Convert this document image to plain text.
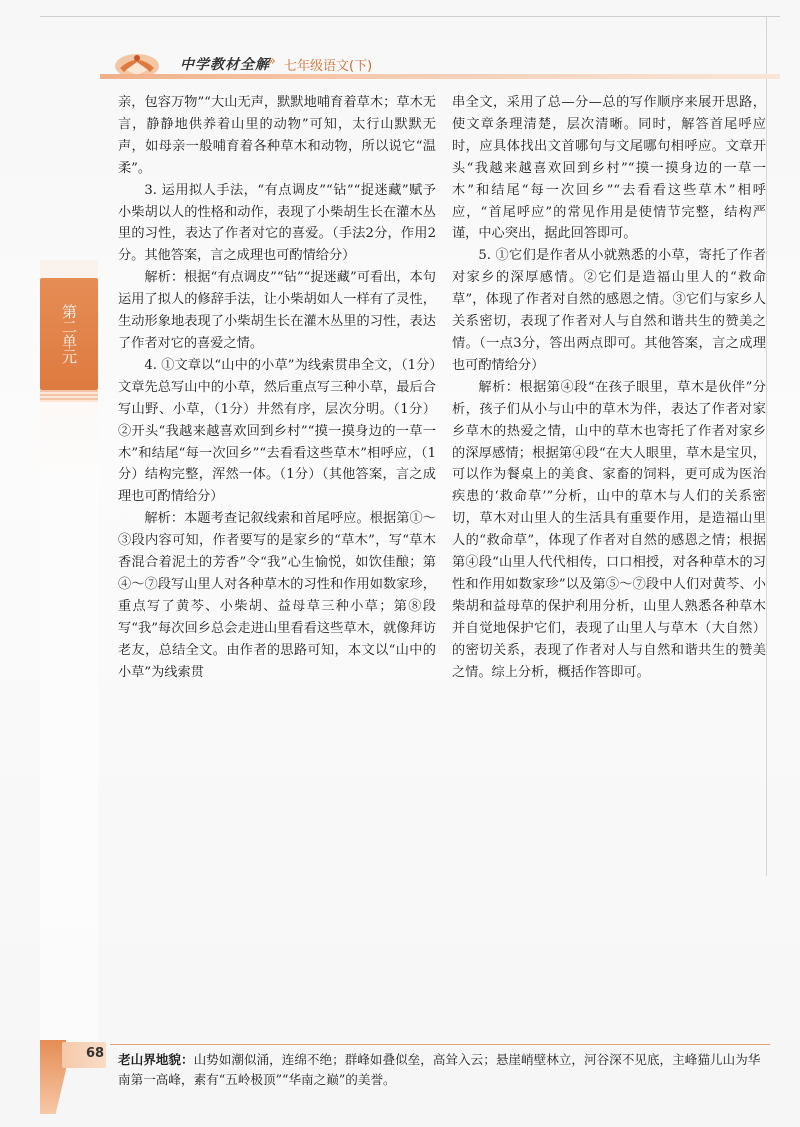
中学教材全解
» 七年级语文(下)
第二单元

亲，包容万物”“大山无声，默默地哺育着草木；草木无言，静静地供养着山里的动物”可知，太行山默默无声，如母亲一般哺育着各种草木和动物，所以说它“温柔”。

3. 运用拟人手法，“有点调皮”“钻”“捉迷藏”赋予小柴胡以人的性格和动作，表现了小柴胡生长在灌木丛里的习性，表达了作者对它的喜爱。（手法2分，作用2分。其他答案，言之成理也可酌情给分）

解析：根据“有点调皮”“钻”“捉迷藏”可看出，本句运用了拟人的修辞手法，让小柴胡如人一样有了灵性，生动形象地表现了小柴胡生长在灌木丛里的习性，表达了作者对它的喜爱之情。

4. ①文章以“山中的小草”为线索贯串全文，（1分）文章先总写山中的小草，然后重点写三种小草，最后合写山野、小草，（1分）井然有序，层次分明。（1分）②开头“我越来越喜欢回到乡村”“摸一摸身边的一草一木”和结尾“每一次回乡”“去看看这些草木”相呼应，（1分）结构完整，浑然一体。（1分）（其他答案，言之成理也可酌情给分）

解析：本题考查记叙线索和首尾呼应。根据第①～③段内容可知，作者要写的是家乡的“草木”，写“草木香混合着泥土的芳香”令“我”心生愉悦，如饮佳酿；第④～⑦段写山里人对各种草木的习性和作用如数家珍，重点写了黄芩、小柴胡、益母草三种小草；第⑧段写“我”每次回乡总会走进山里看看这些草木，就像拜访老友，总结全文。由作者的思路可知，本文以“山中的小草”为线索贯

串全文，采用了总—分—总的写作顺序来展开思路，使文章条理清楚，层次清晰。同时，解答首尾呼应时，应具体找出文首哪句与文尾哪句相呼应。文章开头“我越来越喜欢回到乡村”“摸一摸身边的一草一木”和结尾“每一次回乡”“去看看这些草木”相呼应，“首尾呼应”的常见作用是使情节完整，结构严谨，中心突出，据此回答即可。

5. ①它们是作者从小就熟悉的小草，寄托了作者对家乡的深厚感情。②它们是造福山里人的“救命草”，体现了作者对自然的感恩之情。③它们与家乡人关系密切，表现了作者对人与自然和谐共生的赞美之情。（一点3分，答出两点即可。其他答案，言之成理也可酌情给分）

解析：根据第④段“在孩子眼里，草木是伙伴”分析，孩子们从小与山中的草木为伴，表达了作者对家乡草木的热爱之情，山中的草木也寄托了作者对家乡的深厚感情；根据第④段“在大人眼里，草木是宝贝，可以作为餐桌上的美食、家畜的饲料，更可成为医治疾患的‘救命草’”分析，山中的草木与人们的关系密切，草木对山里人的生活具有重要作用，是造福山里人的“救命草”，体现了作者对自然的感恩之情；根据第④段“山里人代代相传，口口相授，对各种草木的习性和作用如数家珍”以及第⑤～⑦段中人们对黄芩、小柴胡和益母草的保护利用分析，山里人熟悉各种草木并自觉地保护它们，表现了山里人与草木（大自然）的密切关系，表现了作者对人与自然和谐共生的赞美之情。综上分析，概括作答即可。

68 老山界地貌：山势如潮似涌，连绵不绝；群峰如叠似垒，高耸入云；悬崖峭壁林立，河谷深不见底，主峰猫儿山为华南第一高峰，素有“五岭极顶”“华南之巅”的美誉。
